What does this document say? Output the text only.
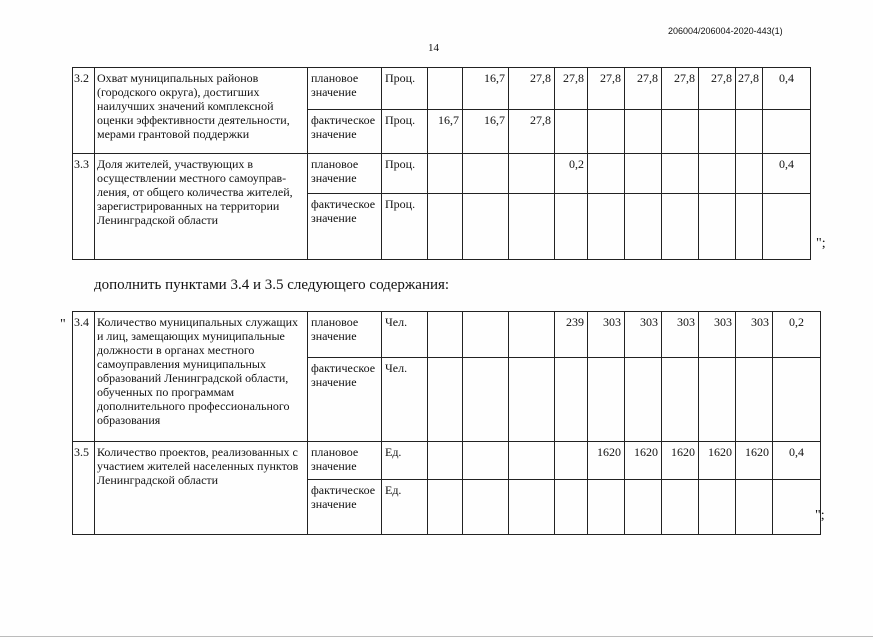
206004/206004-2020-443(1)
14
3.2	Охват муниципальных районов (городского округа), достигших наилучших значений комплексной оценки эффективности деятельности, мерами грантовой поддержки	плановое значение	Проц.		16,7	27,8	27,8	27,8	27,8	27,8	27,8	27,8	0,4
		фактическое значение	Проц.	16,7	16,7	27,8							
3.3	Доля жителей, участвующих в осуществлении местного самоуправ-ления, от общего количества жителей, зарегистрированных на территории Ленинградской области	плановое значение	Проц.				0,2						0,4
		фактическое значение	Проц.										
";
дополнить пунктами 3.4 и 3.5 следующего содержания:
" 3.4	Количество муниципальных служащих и лиц, замещающих муниципальные должности в органах местного самоуправления муниципальных образований Ленинградской области, обученных по программам дополнительного профессионального образования	плановое значение	Чел.				239	303	303	303	303	303	0,2
		фактическое значение	Чел.										
3.5	Количество проектов, реализованных с участием жителей населенных пунктов Ленинградской области	плановое значение	Ед.					1620	1620	1620	1620	1620	0,4
		фактическое значение	Ед.										
";
